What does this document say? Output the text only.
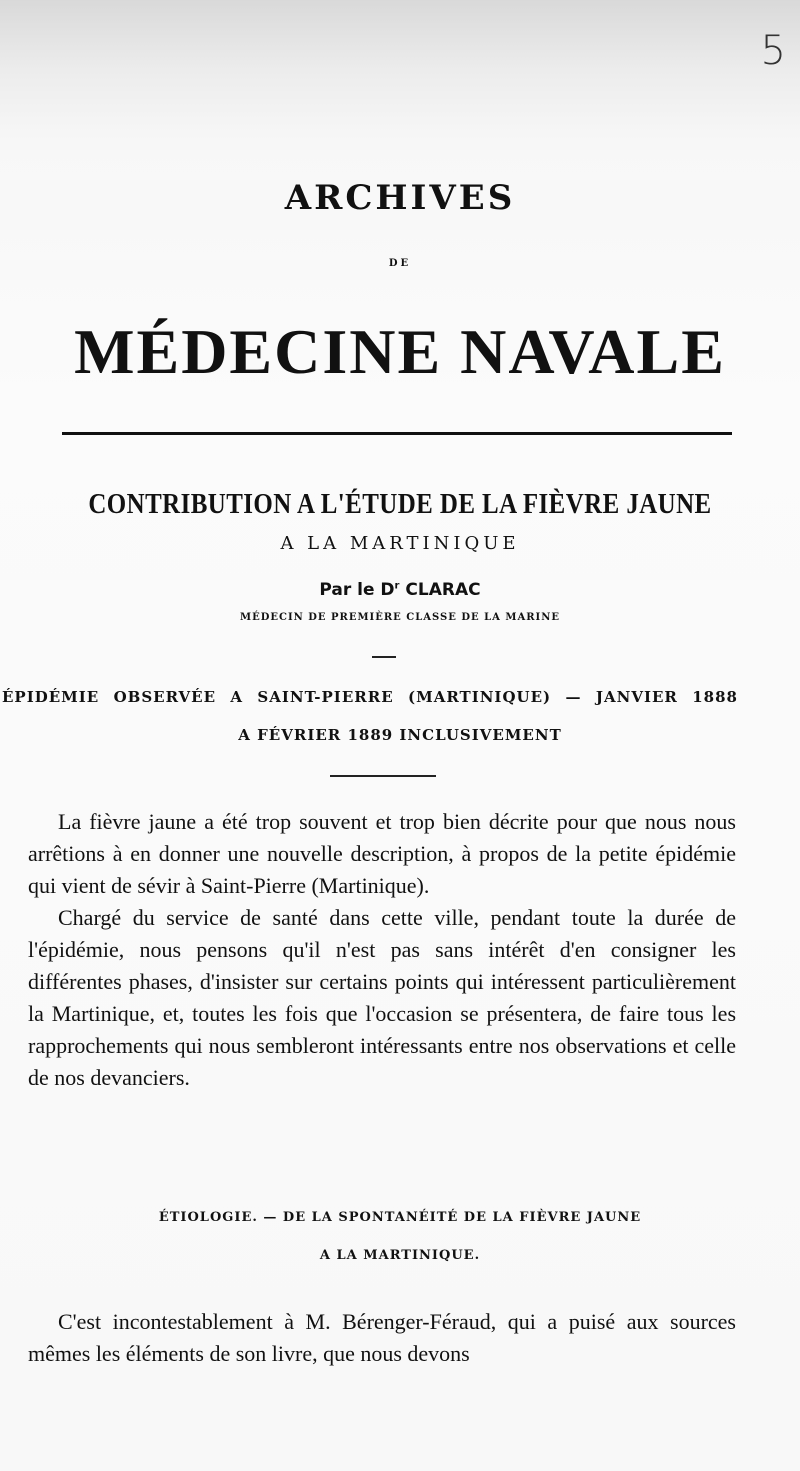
5
ARCHIVES
DE
MÉDECINE NAVALE
CONTRIBUTION A L'ÉTUDE DE LA FIÈVRE JAUNE
A LA MARTINIQUE
Par le $D^r$ CLARAC
MÉDECIN DE PREMIÈRE CLASSE DE LA MARINE
ÉPIDÉMIE OBSERVÉE A SAINT-PIERRE (MARTINIQUE) — JANVIER 1888
A FÉVRIER 1889 INCLUSIVEMENT

La fièvre jaune a été trop souvent et trop bien décrite pour que nous nous arrêtions à en donner une nouvelle description, à propos de la petite épidémie qui vient de sévir à Saint-Pierre (Martinique).

Chargé du service de santé dans cette ville, pendant toute la durée de l'épidémie, nous pensons qu'il n'est pas sans intérêt d'en consigner les différentes phases, d'insister sur certains points qui intéressent particulièrement la Martinique, et, toutes les fois que l'occasion se présentera, de faire tous les rapprochements qui nous sembleront intéressants entre nos observations et celle de nos devanciers.

ÉTIOLOGIE. — DE LA SPONTANÉITÉ DE LA FIÈVRE JAUNE
A LA MARTINIQUE.

C'est incontestablement à M. Bérenger-Féraud, qui a puisé aux sources mêmes les éléments de son livre, que nous devons
